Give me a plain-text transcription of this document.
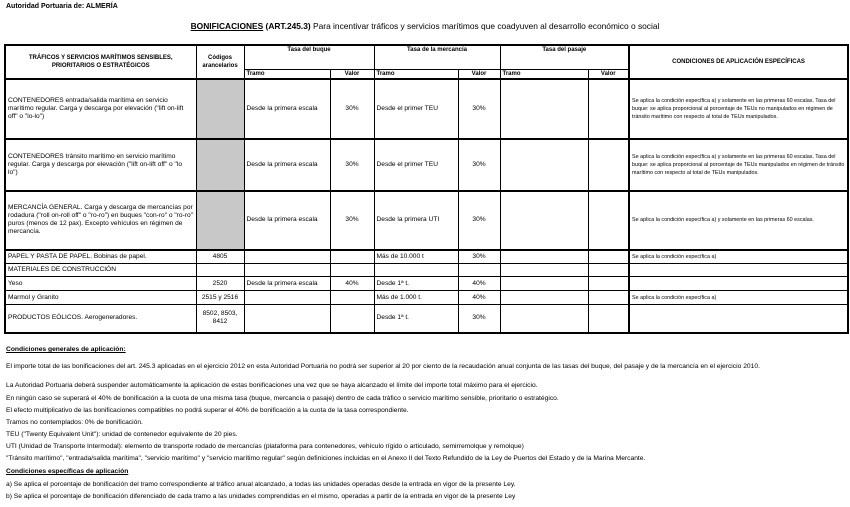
Autoridad Portuaria de: ALMERÍA
BONIFICACIONES (ART.245.3) Para incentivar tráficos y servicios marítimos que coadyuven al desarrollo económico o social
TRÁFICOS Y SERVICIOS MARÍTIMOS SENSIBLES, PRIORITARIOS O ESTRATÉGICOS	Códigos arancelarios	Tasa del buque		Tasa de la mercancía		Tasa del pasaje		CONDICIONES DE APLICACIÓN ESPECÍFICAS
		Tramo	Valor	Tramo	Valor	Tramo	Valor	
CONTENEDORES entrada/salida marítima en servicio marítimo regular. Carga y descarga por elevación ("lift on-lift off" o "lo-lo")		Desde la primera escala	30%	Desde el primer TEU	30%			Se aplica la condición específica a) y solamente en las primeras 60 escalas. Tasa del buque: se aplica proporcional al porcentaje de TEUs no manipulados en régimen de tránsito marítimo con respecto al total de TEUs manipulados.
CONTENEDORES tránsito marítimo en servicio marítimo regular. Carga y descarga por elevación ("lift on-lift off" o "lo lo")		Desde la primera escala	30%	Desde el primer TEU	30%			Se aplica la condición específica a) y solamente en las primeras 60 escalas. Tasa del buque: se aplica proporcional al porcentaje de TEUs manipulados en régimen de tránsito marítimo con respecto al total de TEUs manipulados.
MERCANCÍA GENERAL. Carga y descarga de mercancías por rodadura ("roll on-roll off" o "ro-ro") en buques "con-ro" o "ro-ro" puros (menos de 12 pax). Excepto vehículos en régimen de mercancía.		Desde la primera escala	30%	Desde la primera UTI	30%			Se aplica la condición específica a) y solamente en las primeras 60 escalas.
PAPEL Y PASTA DE PAPEL. Bobinas de papel.	4805			Más de 10.000 t	30%			Se aplica la condición específica a)
MATERIALES DE CONSTRUCCIÓN								
Yeso	2520	Desde la primera escala	40%	Desde 1ª t.	40%			
Marmol y Granito	2515 y 2516			Más de 1.000 t.	40%			Se aplica la condición específica a)
PRODUCTOS EÓLICOS. Aerogeneradores.	8502, 8503, 8412			Desde 1ª t.	30%			

Condiciones generales de aplicación:

El importe total de las bonificaciones del art. 245.3 aplicadas en el ejercicio 2012 en esta Autoridad Portuaria no podrá ser superior al 20 por ciento de la recaudación anual conjunta de las tasas del buque, del pasaje y de la mercancía en el ejercicio 2010.

La Autoridad Portuaria deberá suspender automáticamente la aplicación de estas bonificaciones una vez que se haya alcanzado el límite del importe total máximo para el ejercicio.

En ningún caso se superará el 40% de bonificación a la cuota de una misma tasa (buque, mercancía o pasaje) dentro de cada tráfico o servicio marítimo sensible, prioritario o estratégico.

El efecto multiplicativo de las bonificaciones compatibles no podrá superar el 40% de bonificación a la cuota de la tasa correspondiente.

Tramos no contemplados: 0% de bonificación.

TEU ("Twenty Equivalent Unit"): unidad de contenedor equivalente de 20 pies.

UTI (Unidad de Transporte Intermodal): elemento de transporte rodado de mercancías (plataforma para contenedores, vehículo rígido o articulado, semirremolque y remolque)

"Tránsito marítimo", "entrada/salida marítima", "servicio marítimo" y "servicio marítimo regular" según definiciones incluidas en el Anexo II del Texto Refundido de la Ley de Puertos del Estado y de la Marina Mercante.

Condiciones específicas de aplicación

a) Se aplica el porcentaje de bonificación del tramo correspondiente al tráfico anual alcanzado, a todas las unidades operadas desde la entrada en vigor de la presente Ley.

b) Se aplica el porcentaje de bonificación diferenciado de cada tramo a las unidades comprendidas en el mismo, operadas a partir de la entrada en vigor de la presente Ley
